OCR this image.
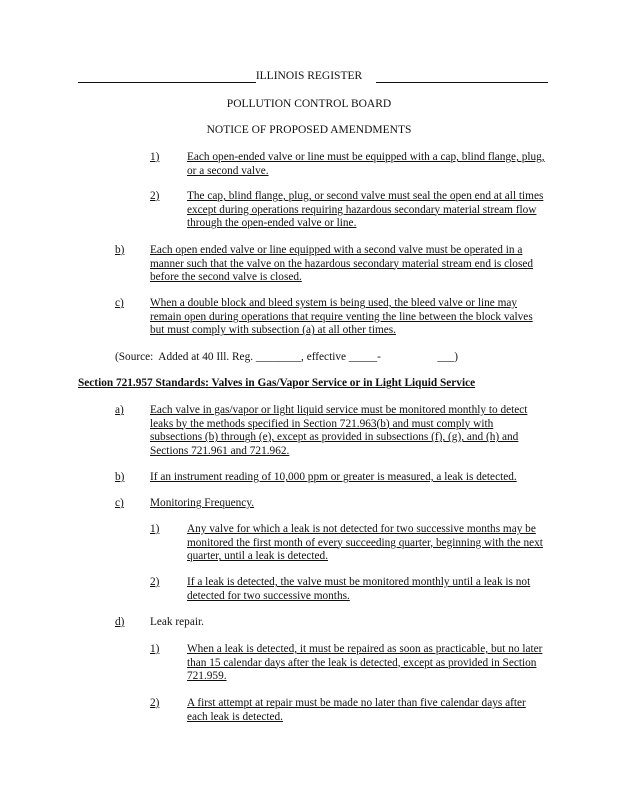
ILLINOIS REGISTER
POLLUTION CONTROL BOARD
NOTICE OF PROPOSED AMENDMENTS
1) Each open-ended valve or line must be equipped with a cap, blind flange, plug, or a second valve.
2) The cap, blind flange, plug, or second valve must seal the open end at all times except during operations requiring hazardous secondary material stream flow through the open-ended valve or line.
b) Each open ended valve or line equipped with a second valve must be operated in a manner such that the valve on the hazardous secondary material stream end is closed before the second valve is closed.
c) When a double block and bleed system is being used, the bleed valve or line may remain open during operations that require venting the line between the block valves but must comply with subsection (a) at all other times.
(Source:  Added at 40 Ill. Reg. ________, effective _____-                    ___)
Section 721.957 Standards: Valves in Gas/Vapor Service or in Light Liquid Service
a) Each valve in gas/vapor or light liquid service must be monitored monthly to detect leaks by the methods specified in Section 721.963(b) and must comply with subsections (b) through (e), except as provided in subsections (f), (g), and (h) and Sections 721.961 and 721.962.
b) If an instrument reading of 10,000 ppm or greater is measured, a leak is detected.
c) Monitoring Frequency.
1) Any valve for which a leak is not detected for two successive months may be monitored the first month of every succeeding quarter, beginning with the next quarter, until a leak is detected.
2) If a leak is detected, the valve must be monitored monthly until a leak is not detected for two successive months.
d) Leak repair.
1) When a leak is detected, it must be repaired as soon as practicable, but no later than 15 calendar days after the leak is detected, except as provided in Section 721.959.
2) A first attempt at repair must be made no later than five calendar days after each leak is detected.
